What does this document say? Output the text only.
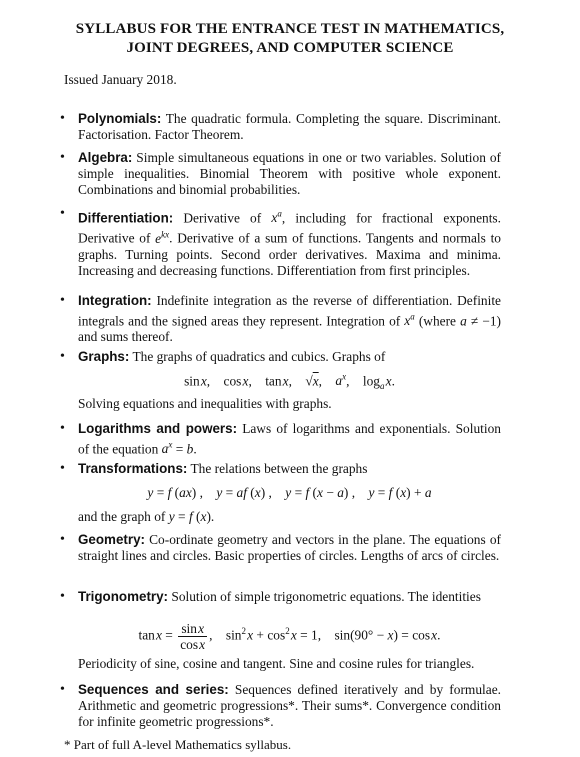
SYLLABUS FOR THE ENTRANCE TEST IN MATHEMATICS,
JOINT DEGREES, AND COMPUTER SCIENCE
Issued January 2018.
• Polynomials: The quadratic formula. Completing the square. Discriminant. Factorisation. Factor Theorem.
• Algebra: Simple simultaneous equations in one or two variables. Solution of simple inequalities. Binomial Theorem with positive whole exponent. Combinations and binomial probabilities.
• Differentiation: Derivative of $x^a$, including for fractional exponents. Derivative of $e^{kx}$. Derivative of a sum of functions. Tangents and normals to graphs. Turning points. Second order derivatives. Maxima and minima. Increasing and decreasing functions. Differentiation from first principles.
• Integration: Indefinite integration as the reverse of differentiation. Definite integrals and the signed areas they represent. Integration of $x^a$ (where a ≠ −1) and sums thereof.
• Graphs: The graphs of quadratics and cubics. Graphs of
sin x,    cos x,    tan x,    √x,    $a^x$,    $\log_a$ x.
Solving equations and inequalities with graphs.
• Logarithms and powers: Laws of logarithms and exponentials. Solution of the equation $a^x = b$.
• Transformations: The relations between the graphs
y = f (ax) ,    y = af (x) ,    y = f (x − a) ,    y = f (x) + a
and the graph of y = f (x).
• Geometry: Co-ordinate geometry and vectors in the plane. The equations of straight lines and circles. Basic properties of circles. Lengths of arcs of circles.
• Trigonometry: Solution of simple trigonometric equations. The identities
tan $x = \frac{\text{sin x}}{\text{cos x}}$ ,    $\sin^2$ $x + \cos^2$ x = 1,    sin(90° − x) = cos x.
Periodicity of sine, cosine and tangent. Sine and cosine rules for triangles.
• Sequences and series: Sequences defined iteratively and by formulae. Arithmetic and geometric progressions*. Their sums*. Convergence condition for infinite geometric progressions*.
* Part of full A-level Mathematics syllabus.
